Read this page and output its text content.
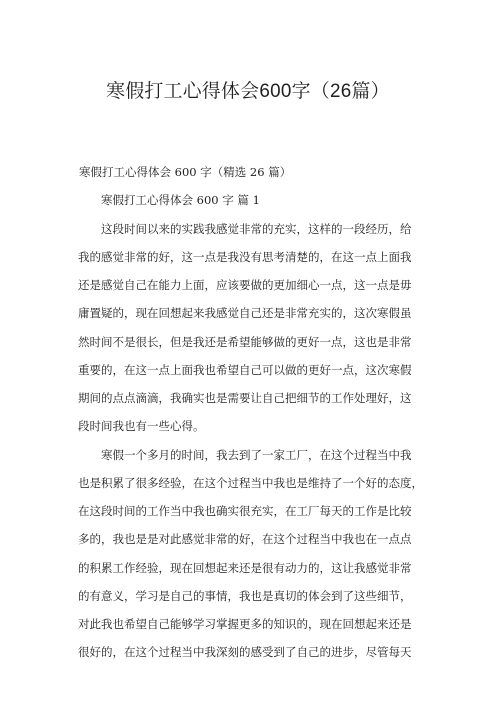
寒假打工心得体会600字（26篇）
寒假打工心得体会 600 字（精选 26 篇）
寒假打工心得体会 600 字 篇 1
这段时间以来的实践我感觉非常的充实，这样的一段经历，给
我的感觉非常的好，这一点是我没有思考清楚的，在这一点上面我
还是感觉自己在能力上面，应该要做的更加细心一点，这一点是毋
庸置疑的，现在回想起来我感觉自己还是非常充实的，这次寒假虽
然时间不是很长，但是我还是希望能够做的更好一点，这也是非常
重要的，在这一点上面我也希望自己可以做的更好一点，这次寒假
期间的点点滴滴，我确实也是需要让自己把细节的工作处理好，这
段时间我也有一些心得。
寒假一个多月的时间，我去到了一家工厂，在这个过程当中我
也是积累了很多经验，在这个过程当中我也是维持了一个好的态度，
在这段时间的工作当中我也确实很充实，在工厂每天的工作是比较
多的，我也是是对此感觉非常的好，在这个过程当中我也在一点点
的积累工作经验，现在回想起来还是很有动力的，这让我感觉非常
的有意义，学习是自己的事情，我也是真切的体会到了这些细节，
对此我也希望自己能够学习掌握更多的知识的，现在回想起来还是
很好的，在这个过程当中我深刻的感受到了自己的进步，尽管每天
